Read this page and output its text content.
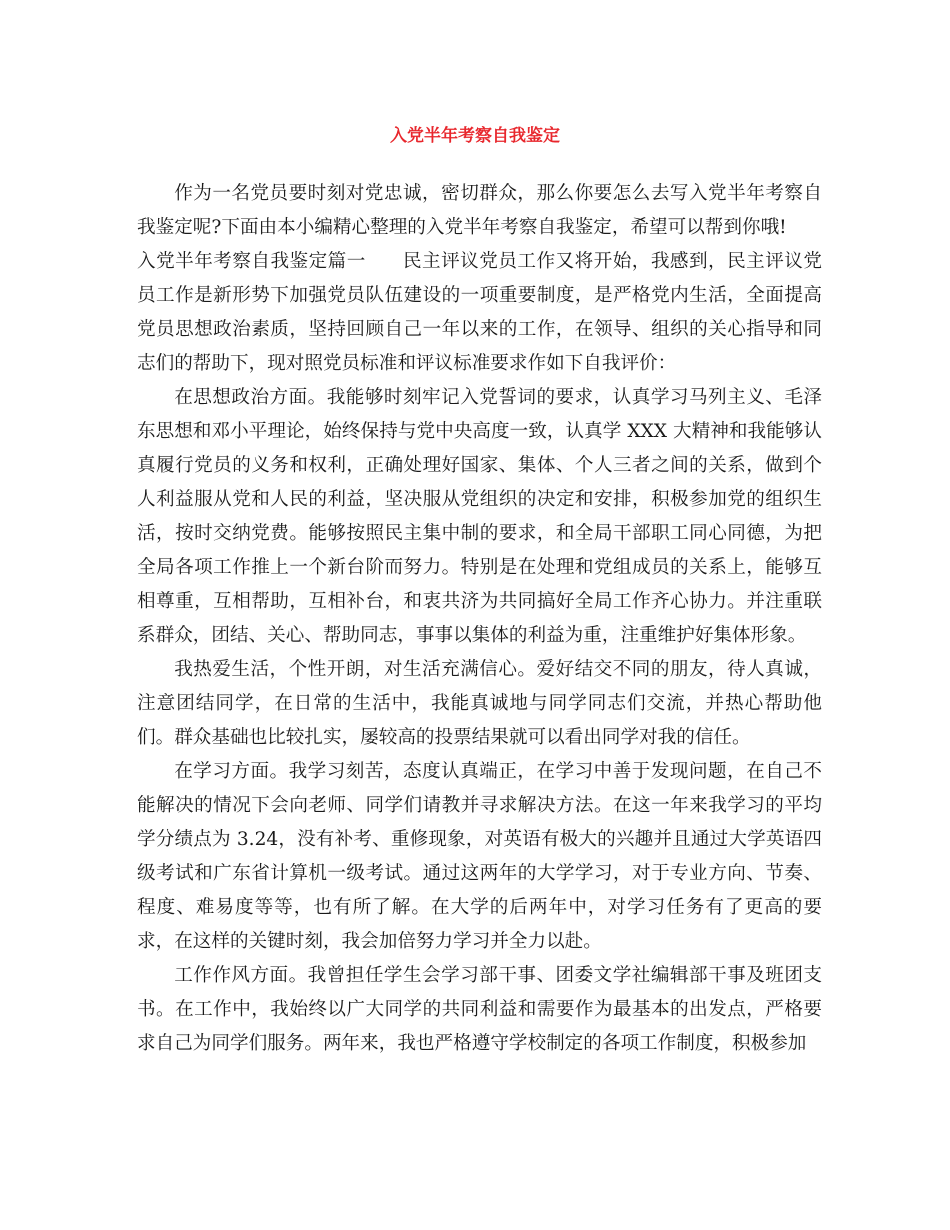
入党半年考察自我鉴定

作为一名党员要时刻对党忠诚，密切群众，那么你要怎么去写入党半年考察自我鉴定呢?下面由本小编精心整理的入党半年考察自我鉴定，希望可以帮到你哦!

入党半年考察自我鉴定篇一 民主评议党员工作又将开始，我感到，民主评议党员工作是新形势下加强党员队伍建设的一项重要制度，是严格党内生活，全面提高党员思想政治素质，坚持回顾自己一年以来的工作，在领导、组织的关心指导和同志们的帮助下，现对照党员标准和评议标准要求作如下自我评价：

在思想政治方面。我能够时刻牢记入党誓词的要求，认真学习马列主义、毛泽东思想和邓小平理论，始终保持与党中央高度一致，认真学 XXX 大精神和我能够认真履行党员的义务和权利，正确处理好国家、集体、个人三者之间的关系，做到个人利益服从党和人民的利益，坚决服从党组织的决定和安排，积极参加党的组织生活，按时交纳党费。能够按照民主集中制的要求，和全局干部职工同心同德，为把全局各项工作推上一个新台阶而努力。特别是在处理和党组成员的关系上，能够互相尊重，互相帮助，互相补台，和衷共济为共同搞好全局工作齐心协力。并注重联系群众，团结、关心、帮助同志，事事以集体的利益为重，注重维护好集体形象。

我热爱生活，个性开朗，对生活充满信心。爱好结交不同的朋友，待人真诚，注意团结同学，在日常的生活中，我能真诚地与同学同志们交流，并热心帮助他们。群众基础也比较扎实，屡较高的投票结果就可以看出同学对我的信任。

在学习方面。我学习刻苦，态度认真端正，在学习中善于发现问题，在自己不能解决的情况下会向老师、同学们请教并寻求解决方法。在这一年来我学习的平均学分绩点为 3.24，没有补考、重修现象，对英语有极大的兴趣并且通过大学英语四级考试和广东省计算机一级考试。通过这两年的大学学习，对于专业方向、节奏、程度、难易度等等，也有所了解。在大学的后两年中，对学习任务有了更高的要求，在这样的关键时刻，我会加倍努力学习并全力以赴。

工作作风方面。我曾担任学生会学习部干事、团委文学社编辑部干事及班团支书。在工作中，我始终以广大同学的共同利益和需要作为最基本的出发点，严格要求自己为同学们服务。两年来，我也严格遵守学校制定的各项工作制度，积极参加
